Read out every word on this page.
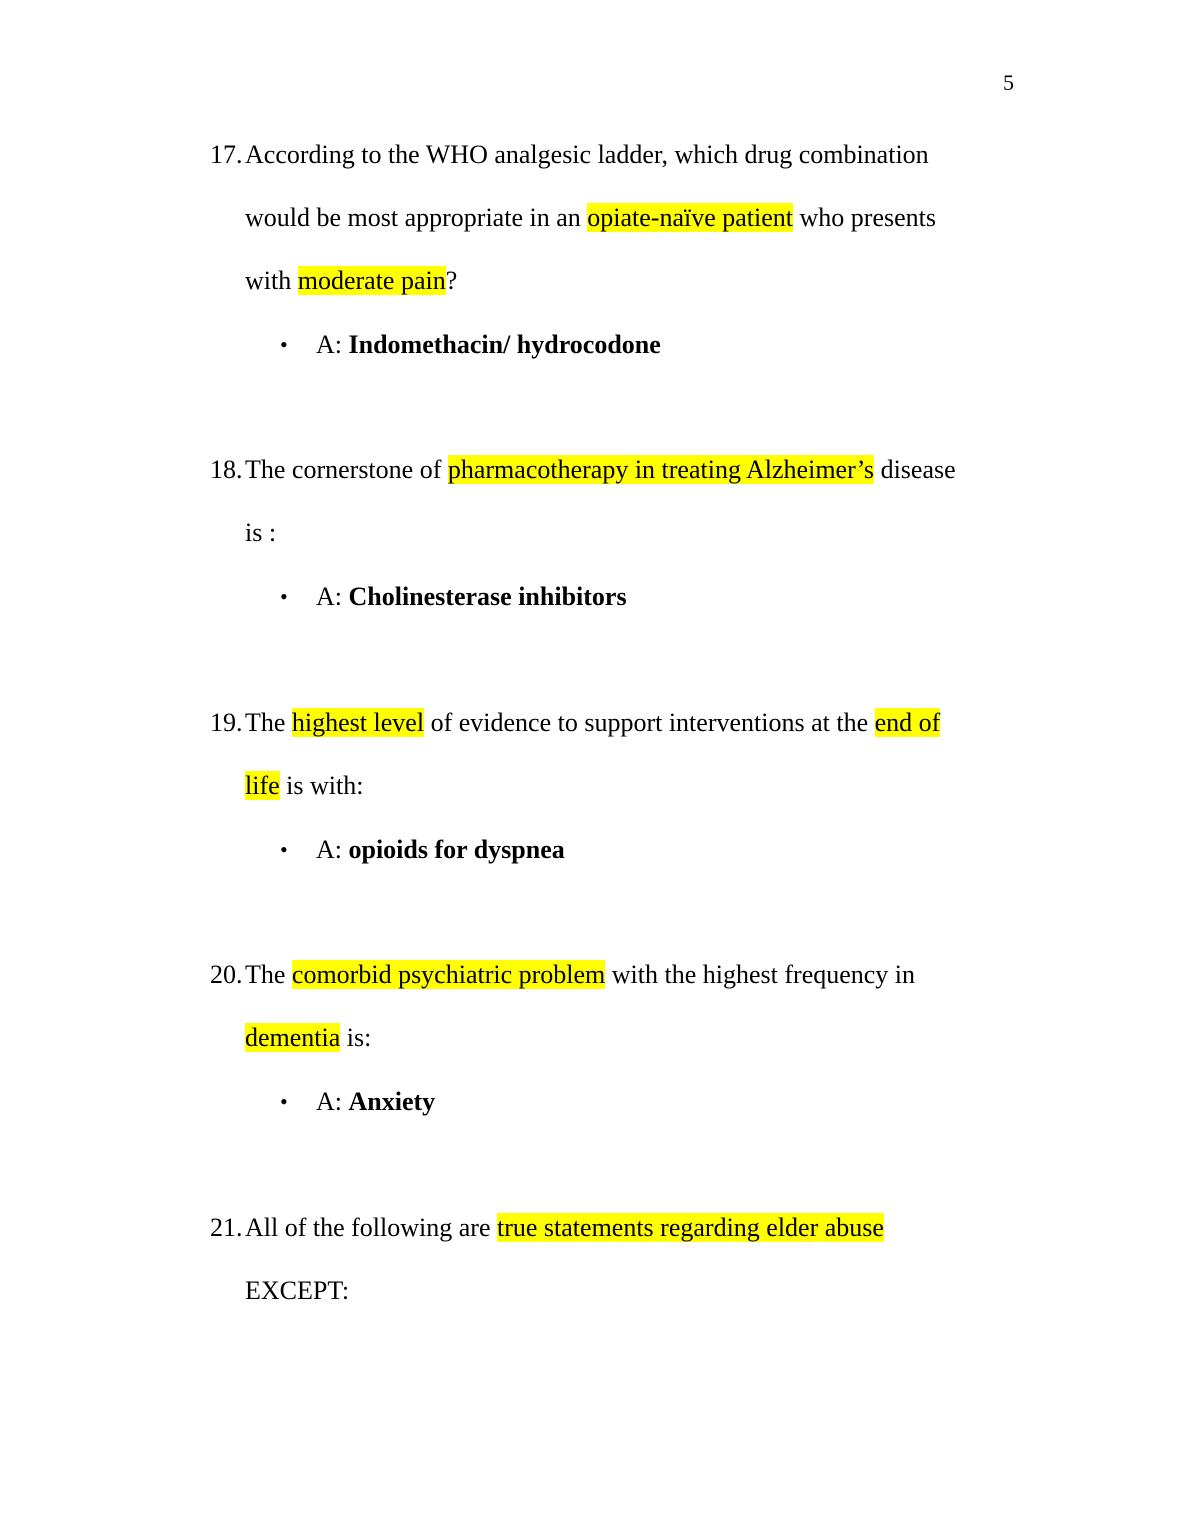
5
17. According to the WHO analgesic ladder, which drug combination
would be most appropriate in an opiate-naïve patient who presents
with moderate pain?
• A: Indomethacin/ hydrocodone
18. The cornerstone of pharmacotherapy in treating Alzheimer’s disease
is :
• A: Cholinesterase inhibitors
19. The highest level of evidence to support interventions at the end of
life is with:
• A: opioids for dyspnea
20. The comorbid psychiatric problem with the highest frequency in
dementia is:
• A: Anxiety
21. All of the following are true statements regarding elder abuse
EXCEPT:
